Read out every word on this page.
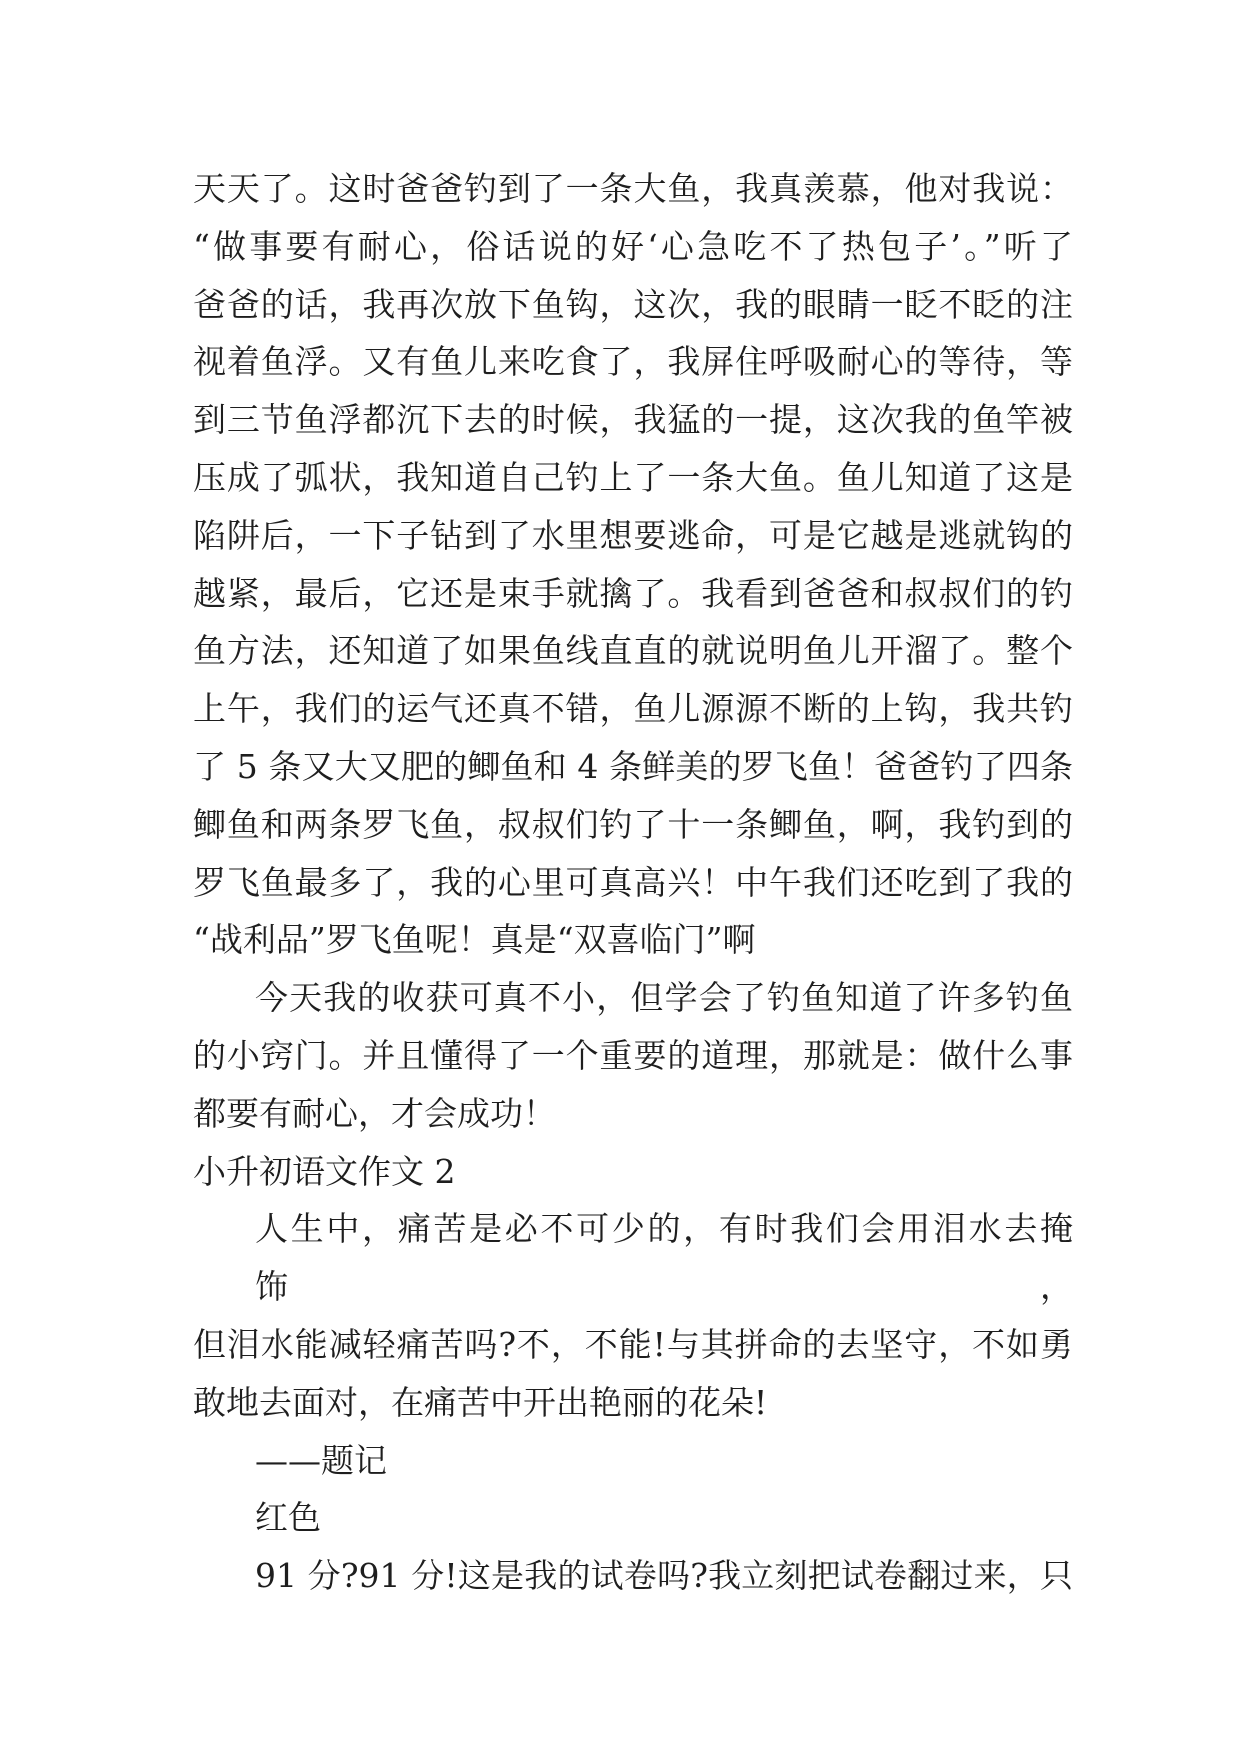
天天了。这时爸爸钓到了一条大鱼，我真羡慕，他对我说：
“做事要有耐心，俗话说的好‘心急吃不了热包子’。”听了
爸爸的话，我再次放下鱼钩，这次，我的眼睛一眨不眨的注
视着鱼浮。又有鱼儿来吃食了，我屏住呼吸耐心的等待，等
到三节鱼浮都沉下去的时候，我猛的一提，这次我的鱼竿被
压成了弧状，我知道自己钓上了一条大鱼。鱼儿知道了这是
陷阱后，一下子钻到了水里想要逃命，可是它越是逃就钩的
越紧，最后，它还是束手就擒了。我看到爸爸和叔叔们的钓
鱼方法，还知道了如果鱼线直直的就说明鱼儿开溜了。整个
上午，我们的运气还真不错，鱼儿源源不断的上钩，我共钓
了 5 条又大又肥的鲫鱼和 4 条鲜美的罗飞鱼！爸爸钓了四条
鲫鱼和两条罗飞鱼，叔叔们钓了十一条鲫鱼，啊，我钓到的
罗飞鱼最多了，我的心里可真高兴！中午我们还吃到了我的
“战利品”罗飞鱼呢！真是“双喜临门”啊
今天我的收获可真不小，但学会了钓鱼知道了许多钓鱼
的小窍门。并且懂得了一个重要的道理，那就是：做什么事
都要有耐心，才会成功！
小升初语文作文 2
人生中，痛苦是必不可少的，有时我们会用泪水去掩饰，
但泪水能减轻痛苦吗?不，不能!与其拼命的去坚守，不如勇
敢地去面对，在痛苦中开出艳丽的花朵!
——题记
红色
91 分?91 分!这是我的试卷吗?我立刻把试卷翻过来，只
